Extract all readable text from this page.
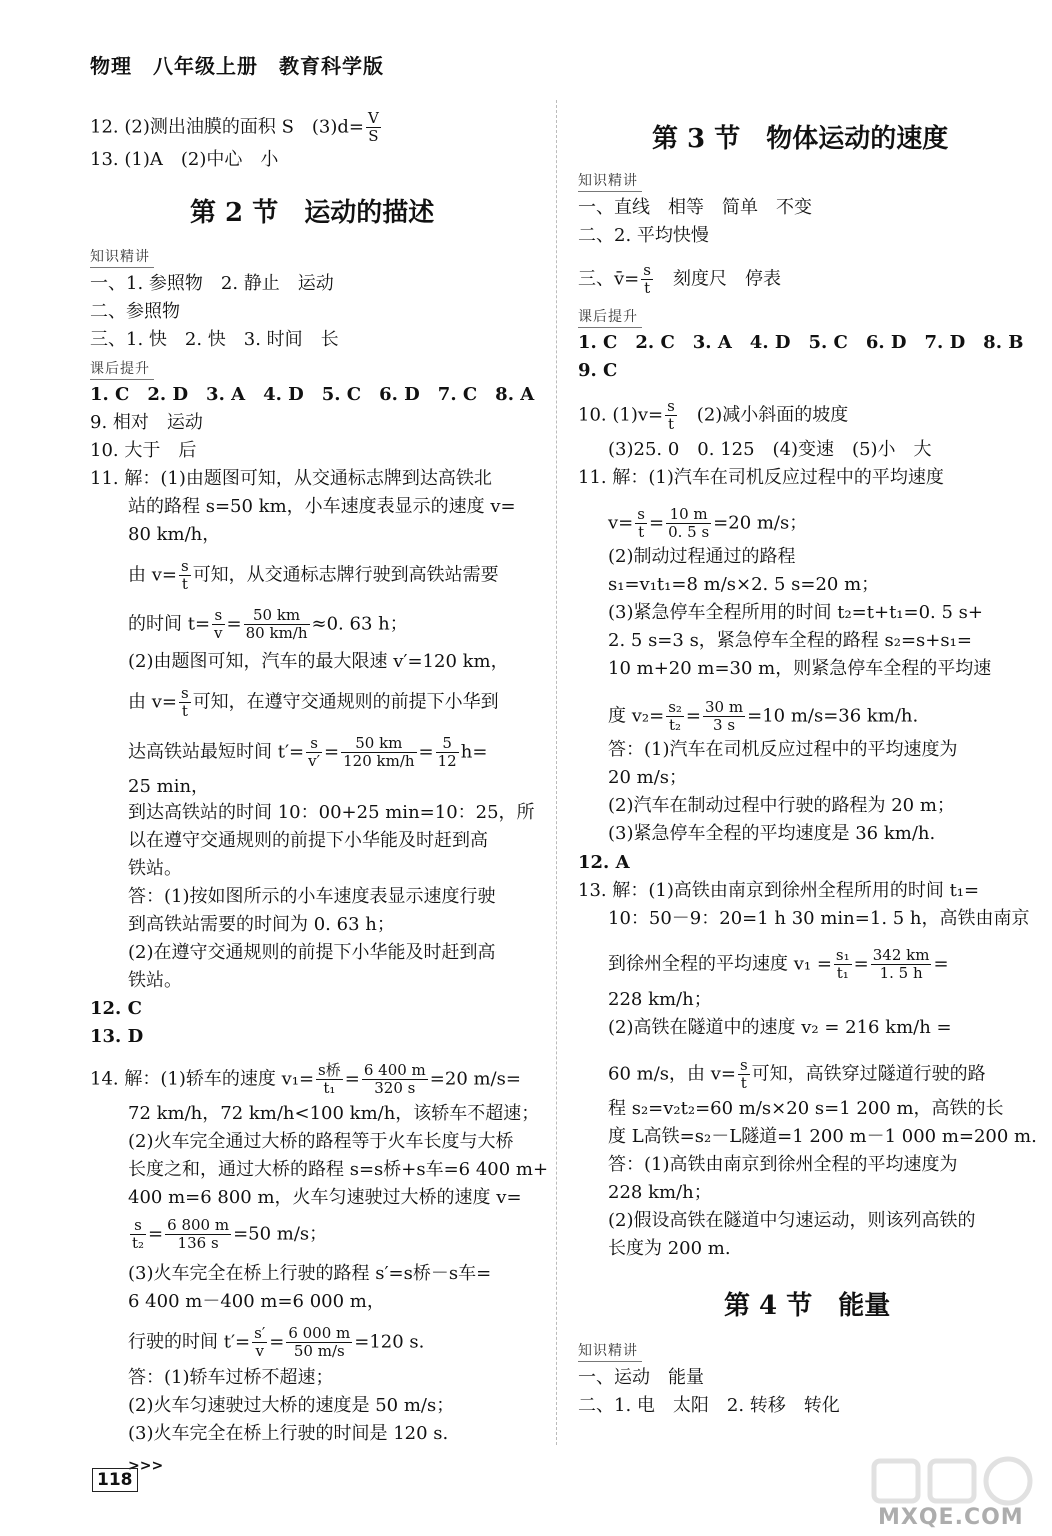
物理　八年级上册　教育科学版
12. (2)测出油膜的面积 S　$(3)d= \frac{V}{S}$
13. (1)A　(2)中心　小
第 2 节　运动的描述
知识精讲
一、1. 参照物　2. 静止　运动
二、参照物
三、1. 快　2. 快　3. 时间　长
课后提升
1. C　2. D　3. A　4. D　5. C　6. D　7. C　8. A
9. 相对　运动
10. 大于　后
11. 解：(1)由题图可知，从交通标志牌到达高铁北
站的路程 s=50 km，小车速度表显示的速度 v=
80 km/h，
由 $v= \frac{s}{t}$ 可知，从交通标志牌行驶到高铁站需要
的时间 $t= \frac{s}{v} = \frac{50 km}{80 km/h} \approx 0$. 63 h；
(2)由题图可知，汽车的最大限速 v′=120 km，
由 $v= \frac{s}{t}$ 可知，在遵守交通规则的前提下小华到
达高铁站最短时间 $t'= \frac{s}{v'} = \frac{50 km}{120 km/h} = \frac{5}{12} h=$
25 min，
到达高铁站的时间 10：00+25 min=10：25，所
以在遵守交通规则的前提下小华能及时赶到高
铁站。
答：(1)按如图所示的小车速度表显示速度行驶
到高铁站需要的时间为 0. 63 h；
(2)在遵守交通规则的前提下小华能及时赶到高
铁站。
12. C
13. D
14. 解：(1)轿车的速度 v₁= s桥
$t_1 = \frac{6 400 m}{320 s} =20$ m/s=
72 km/h，72 km/h<100 km/h，该轿车不超速；
(2)火车完全通过大桥的路程等于火车长度与大桥
长度之和，通过大桥的路程 s=s桥+s车=6 400 m+
400 m=6 800 m，火车匀速驶过大桥的速度 v=
$\frac{s}{\text{t₂}} = \frac{6 800 m}{136 s} =50$ m/s；
(3)火车完全在桥上行驶的路程 s′=s桥－s车=
6 400 m－400 m=6 000 m，
行驶的时间 $t'= \frac{s'}{v} = \frac{6 000 m}{50 m/s} =120$ s.
答：(1)轿车过桥不超速；
(2)火车匀速驶过大桥的速度是 50 m/s；
(3)火车完全在桥上行驶的时间是 120 s.
第 3 节　物体运动的速度
知识精讲
一、直线　相等　简单　不变
二、2. 平均快慢
三、v̄= $\frac{s}{t}$ 　刻度尺　停表
课后提升
1. C　2. C　3. A　4. D　5. C　6. D　7. D　8. B
9. C
10. $(1)v= \frac{s}{t}$ 　(2)减小斜面的坡度
(3)25. 0　0. 125　(4)变速　(5)小　大
11. 解：(1)汽车在司机反应过程中的平均速度
$v= \frac{s}{t} = \frac{10 m}{0. 5 s} =20$ m/s；
(2)制动过程通过的路程
s₁=v₁t₁=8 m/s×2. 5 s=20 m；
(3)紧急停车全程所用的时间 t₂=t+t₁=0. 5 s+
2. 5 s=3 s，紧急停车全程的路程 s₂=s+s₁=
10 m+20 m=30 m，则紧急停车全程的平均速
度 $v_2= \frac{\text{s₂}}{\text{t₂}} = \frac{30 m}{3 s} =10$ m/s=36 km/h.
答：(1)汽车在司机反应过程中的平均速度为
20 m/s；
(2)汽车在制动过程中行驶的路程为 20 m；
(3)紧急停车全程的平均速度是 36 km/h.
12. A
13. 解：(1)高铁由南京到徐州全程所用的时间 t₁=
10：50－9：20=1 h 30 min=1. 5 h，高铁由南京
到徐州全程的平均速度 $v_1 = \frac{\text{s₁}}{\text{t₁}} = \frac{342 km}{1. 5 h}$ =
228 km/h；
(2)高铁在隧道中的速度 v₂ = 216 km/h =
60 m/s，由 $v= \frac{s}{t}$ 可知，高铁穿过隧道行驶的路
程 s₂=v₂t₂=60 m/s×20 s=1 200 m，高铁的长
度 L高铁=s₂－L隧道=1 200 m－1 000 m=200 m.
答：(1)高铁由南京到徐州全程的平均速度为
228 km/h；
(2)假设高铁在隧道中匀速运动，则该列高铁的
长度为 200 m.
第 4 节　能量
知识精讲
一、运动　能量
二、1. 电　太阳　2. 转移　转化
>>>
118
MXQE.COM
